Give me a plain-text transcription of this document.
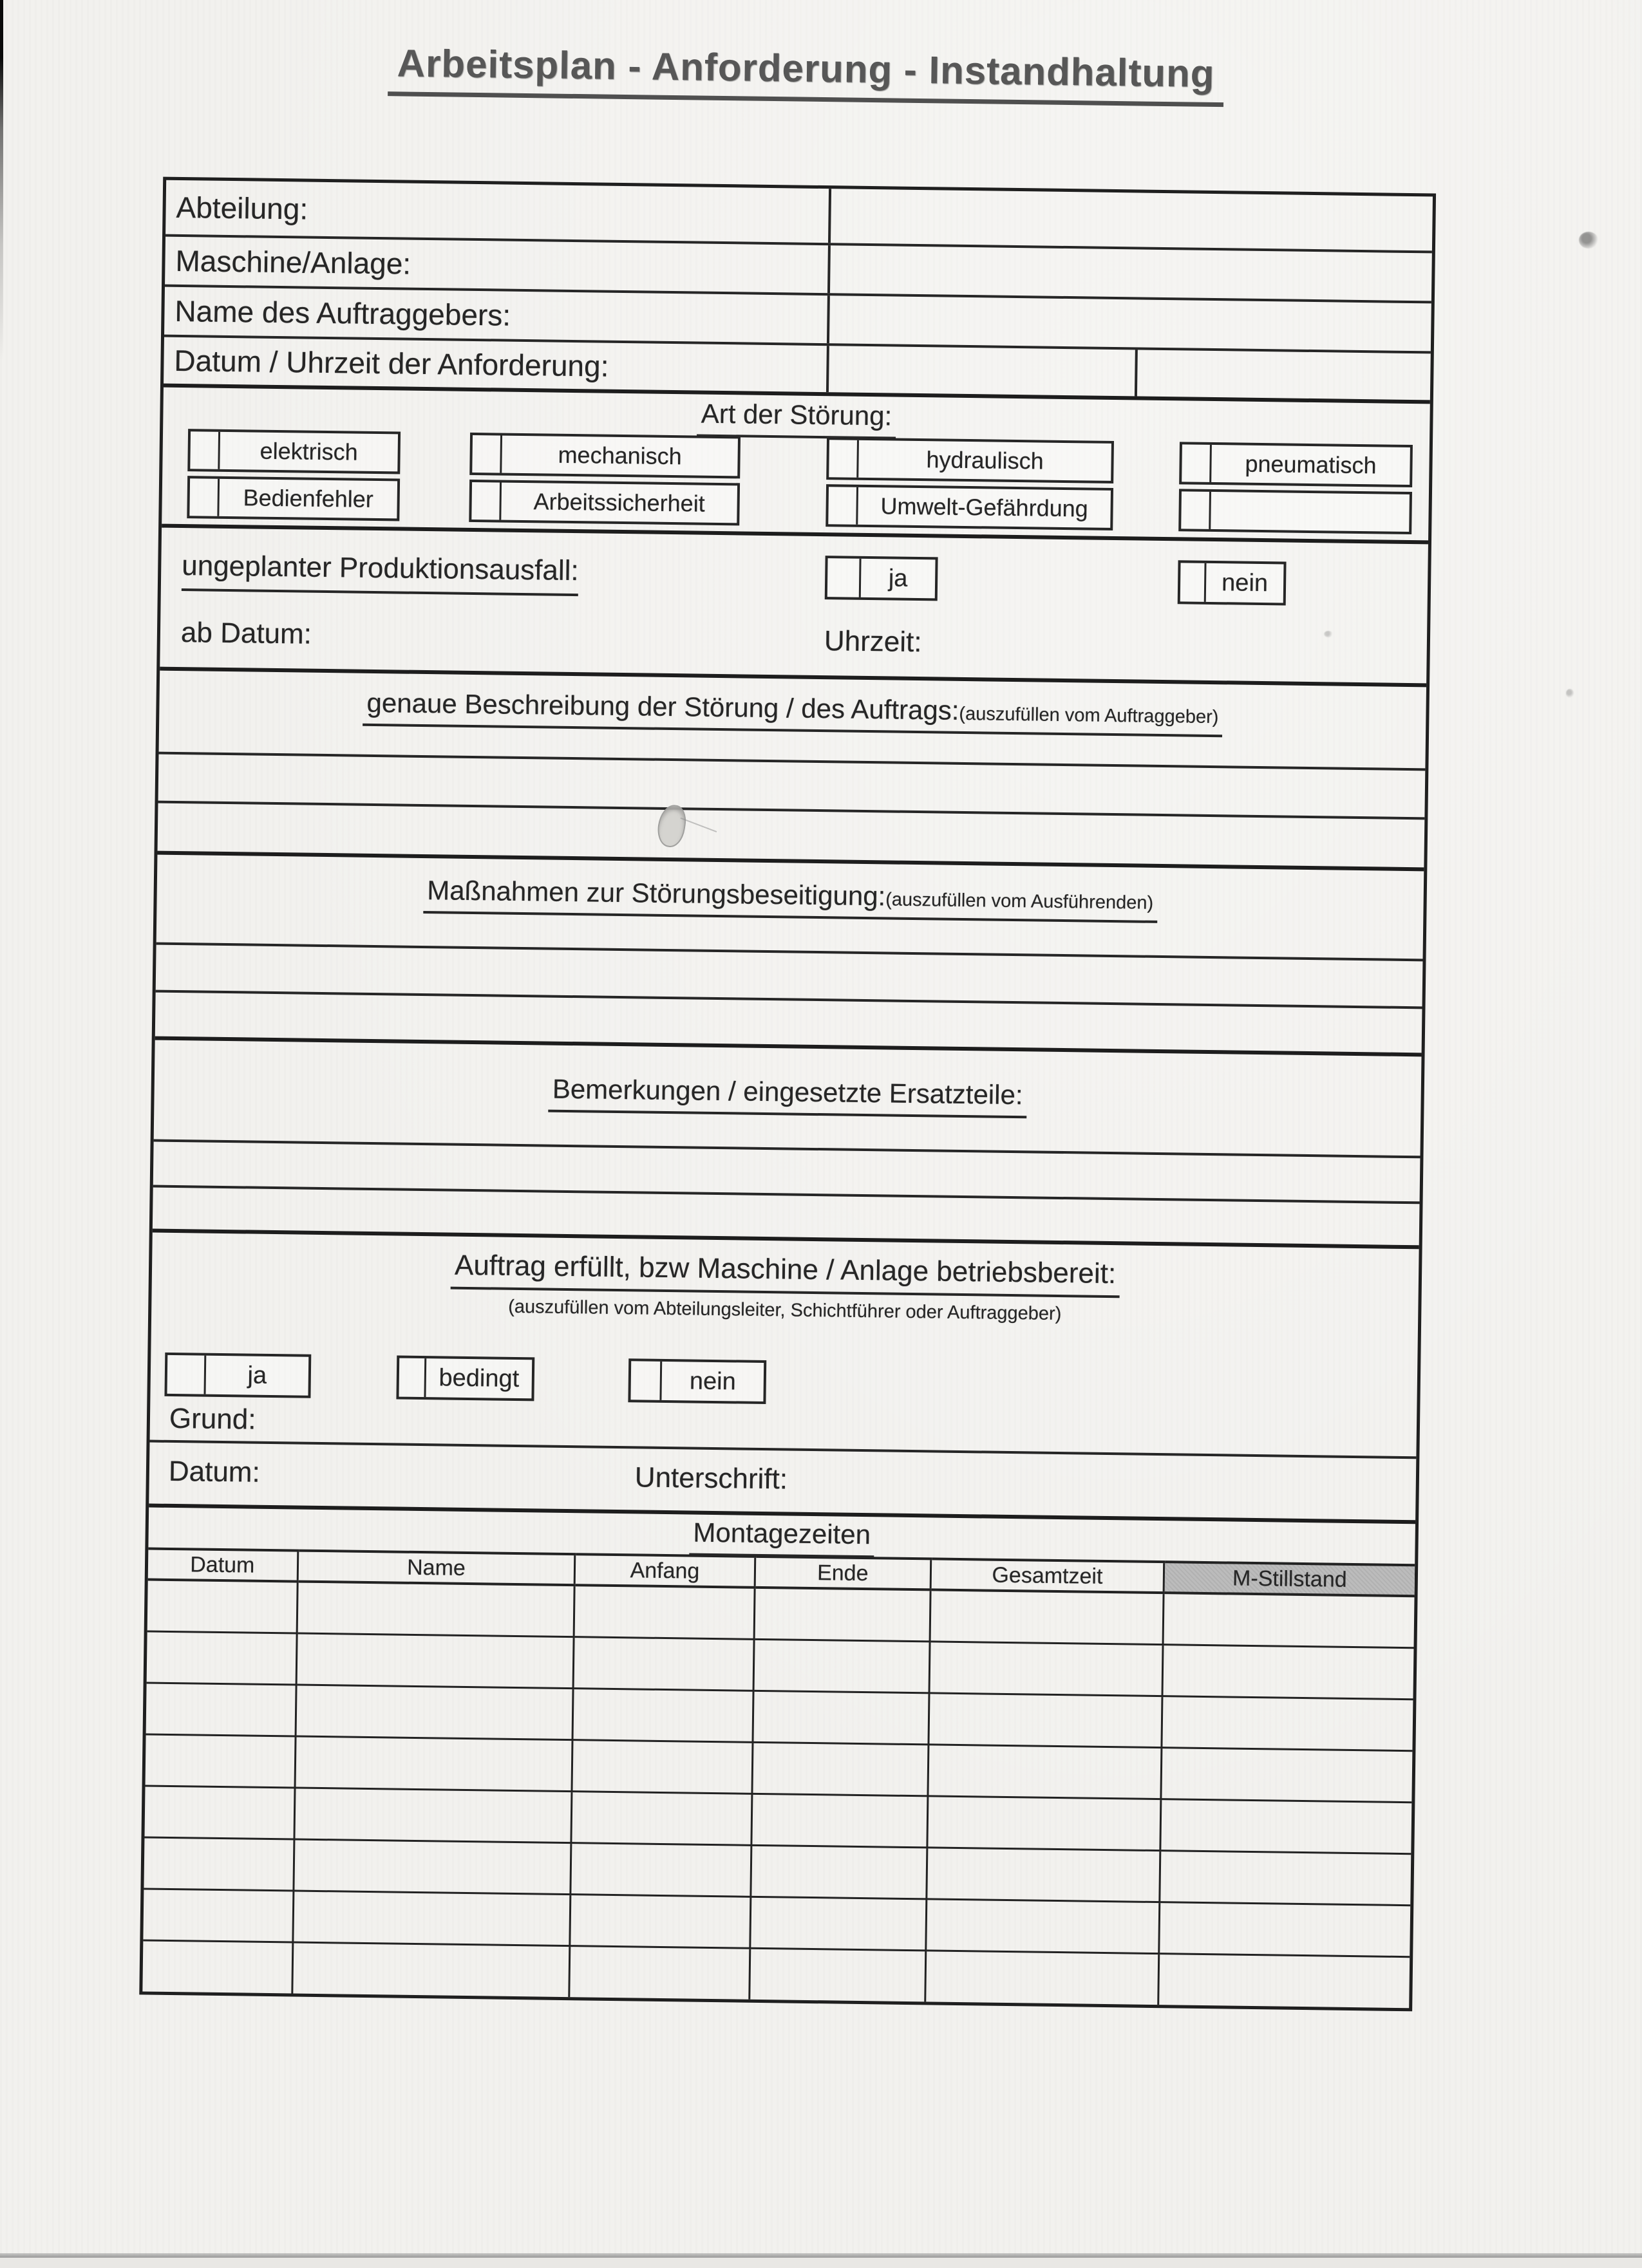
Arbeitsplan - Anforderung - Instandhaltung
Abteilung:
Maschine/Anlage:
Name des Auftraggebers:
Datum / Uhrzeit der Anforderung:
Art der Störung:
elektrisch	mechanisch	hydraulisch	pneumatisch
Bedienfehler	Arbeitssicherheit	Umwelt-Gefährdung
ungeplanter Produktionsausfall:	ja	nein
ab Datum:	Uhrzeit:
genaue Beschreibung der Störung / des Auftrags:(auszufüllen vom Auftraggeber)
Maßnahmen zur Störungsbeseitigung:(auszufüllen vom Ausführenden)
Bemerkungen / eingesetzte Ersatzteile:
Auftrag erfüllt, bzw Maschine / Anlage betriebsbereit:
(auszufüllen vom Abteilungsleiter, Schichtführer oder Auftraggeber)
ja	bedingt	nein
Grund:
Datum:	Unterschrift:
Montagezeiten
Datum	Name	Anfang	Ende	Gesamtzeit	M-Stillstand
